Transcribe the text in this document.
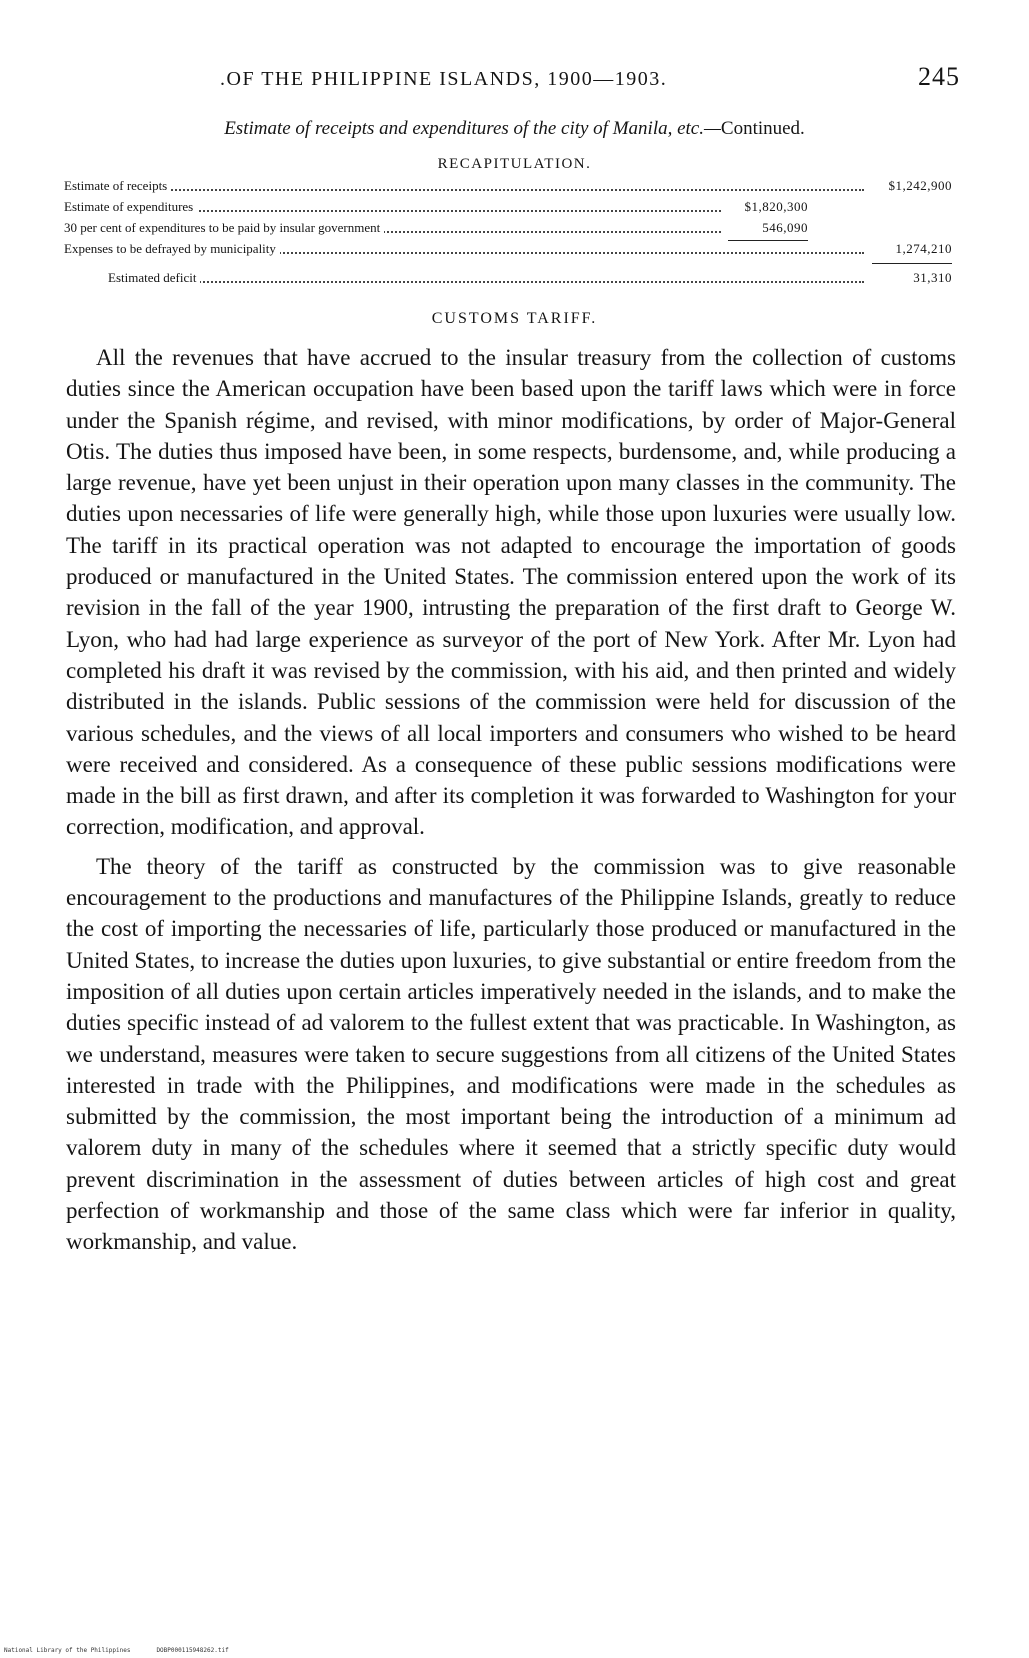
.OF THE PHILIPPINE ISLANDS, 1900—1903.	245
Estimate of receipts and expenditures of the city of Manila, etc.—Continued.
RECAPITULATION.
Estimate of receipts	$1,242,900
Estimate of expenditures	$1,820,300
30 per cent of expenditures to be paid by insular government	546,090
Expenses to be defrayed by municipality	1,274,210
Estimated deficit	31,310
CUSTOMS TARIFF.

All the revenues that have accrued to the insular treasury from the collection of customs duties since the American occupation have been based upon the tariff laws which were in force under the Spanish régime, and revised, with minor modifications, by order of Major-General Otis. The duties thus imposed have been, in some respects, burdensome, and, while producing a large revenue, have yet been unjust in their operation upon many classes in the community. The duties upon necessaries of life were generally high, while those upon luxuries were usually low. The tariff in its practical operation was not adapted to encourage the importation of goods produced or manufactured in the United States. The commission entered upon the work of its revision in the fall of the year 1900, intrusting the preparation of the first draft to George W. Lyon, who had had large experience as surveyor of the port of New York. After Mr. Lyon had completed his draft it was revised by the commission, with his aid, and then printed and widely distributed in the islands. Public sessions of the commission were held for discussion of the various schedules, and the views of all local importers and consumers who wished to be heard were received and considered. As a consequence of these public sessions modifications were made in the bill as first drawn, and after its completion it was forwarded to Washington for your correction, modification, and approval.

The theory of the tariff as constructed by the commission was to give reasonable encouragement to the productions and manufactures of the Philippine Islands, greatly to reduce the cost of importing the necessaries of life, particularly those produced or manufactured in the United States, to increase the duties upon luxuries, to give substantial or entire freedom from the imposition of all duties upon certain articles imperatively needed in the islands, and to make the duties specific instead of ad valorem to the fullest extent that was practicable. In Washington, as we understand, measures were taken to secure suggestions from all citizens of the United States interested in trade with the Philippines, and modifications were made in the schedules as submitted by the commission, the most important being the introduction of a minimum ad valorem duty in many of the schedules where it seemed that a strictly specific duty would prevent discrimination in the assessment of duties between articles of high cost and great perfection of workmanship and those of the same class which were far inferior in quality, workmanship, and value.

National Library of the Philippines	DOBP000115948262.tif
